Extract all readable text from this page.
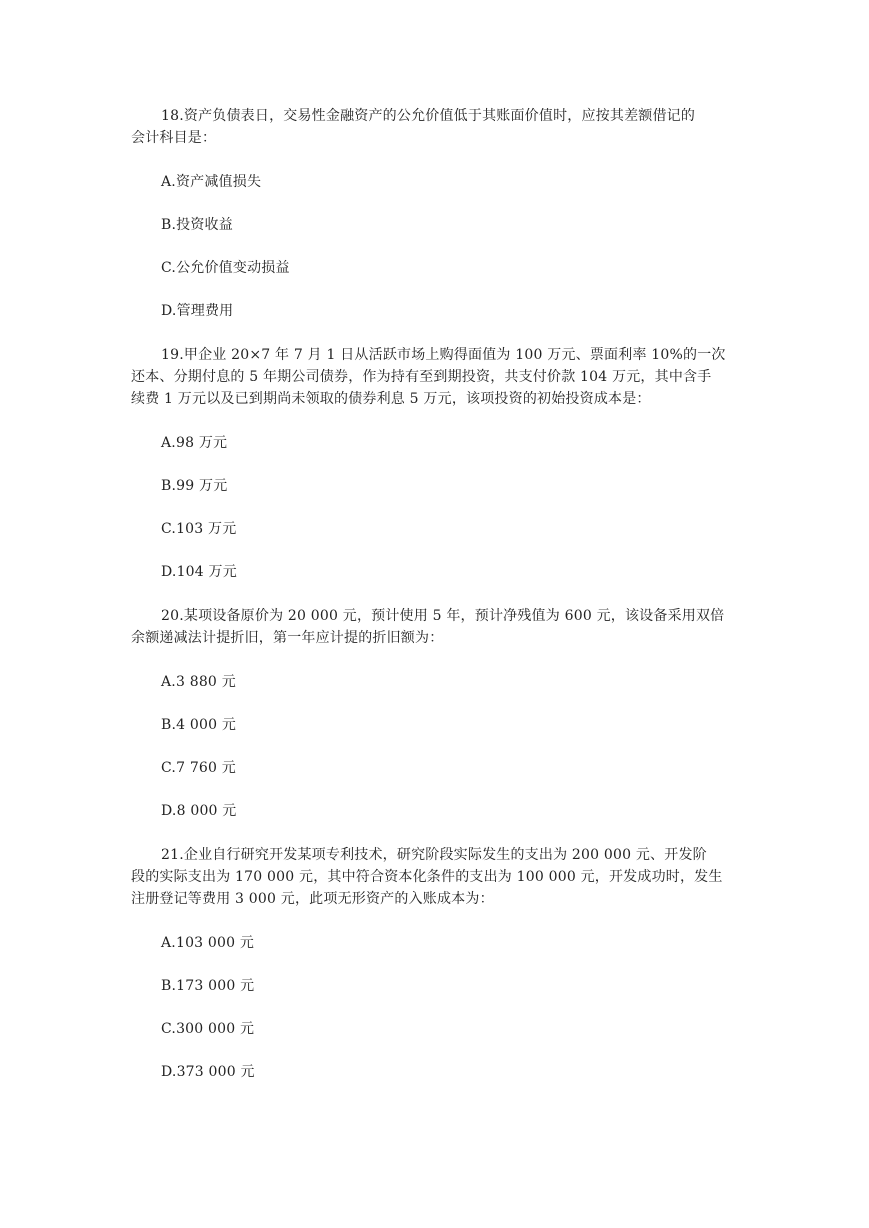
18.资产负债表日，交易性金融资产的公允价值低于其账面价值时，应按其差额借记的
会计科目是：
A.资产减值损失
B.投资收益
C.公允价值变动损益
D.管理费用
19.甲企业 20×7 年 7 月 1 日从活跃市场上购得面值为 100 万元、票面利率 10%的一次
还本、分期付息的 5 年期公司债券，作为持有至到期投资，共支付价款 104 万元，其中含手
续费 1 万元以及已到期尚未领取的债券利息 5 万元，该项投资的初始投资成本是：
A.98 万元
B.99 万元
C.103 万元
D.104 万元
20.某项设备原价为 20 000 元，预计使用 5 年，预计净残值为 600 元，该设备采用双倍
余额递减法计提折旧，第一年应计提的折旧额为：
A.3 880 元
B.4 000 元
C.7 760 元
D.8 000 元
21.企业自行研究开发某项专利技术，研究阶段实际发生的支出为 200 000 元、开发阶
段的实际支出为 170 000 元，其中符合资本化条件的支出为 100 000 元，开发成功时，发生
注册登记等费用 3 000 元，此项无形资产的入账成本为：
A.103 000 元
B.173 000 元
C.300 000 元
D.373 000 元
